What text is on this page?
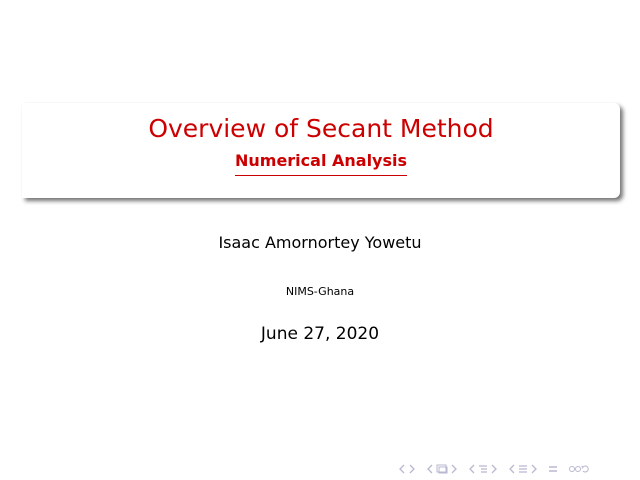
Overview of Secant Method
Numerical Analysis
Isaac Amornortey Yowetu
NIMS-Ghana
June 27, 2020
